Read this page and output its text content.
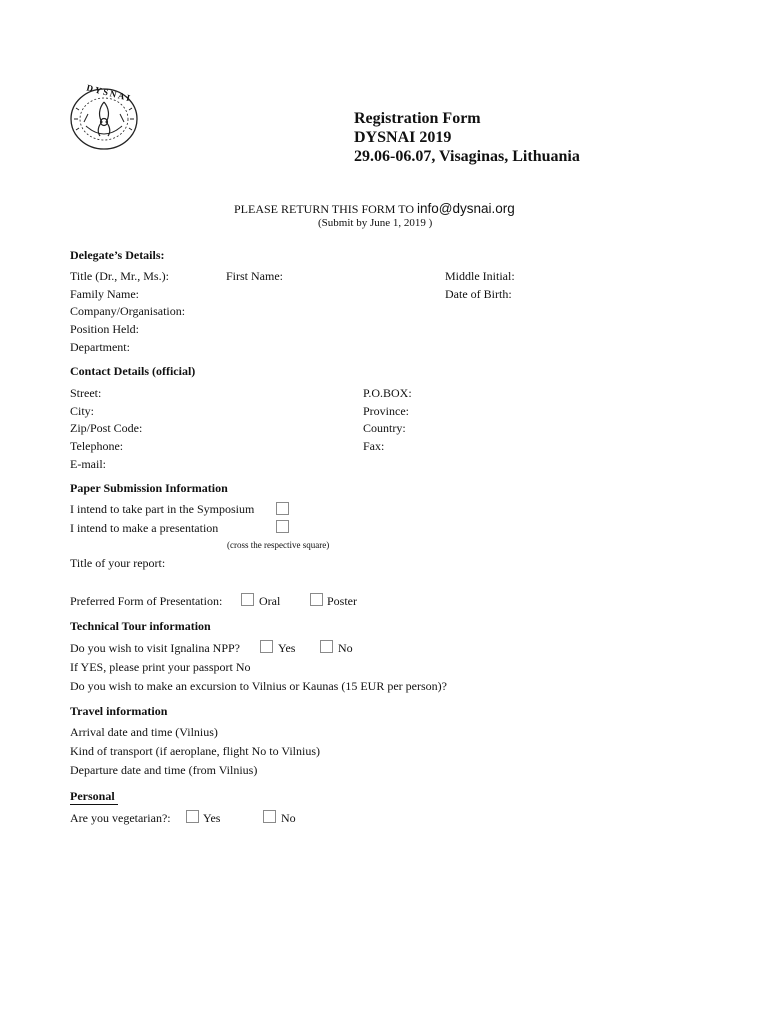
DYSNAI
Registration Form
DYSNAI 2019
29.06-06.07, Visaginas, Lithuania
PLEASE RETURN THIS FORM TO info@dysnai.org
(Submit by June 1, 2019 )
Delegate’s Details:
Title (Dr., Mr., Ms.):	First Name:	Middle Initial:
Family Name:	Date of Birth:
Company/Organisation:
Position Held:
Department:
Contact Details (official)
Street:	P.O.BOX:
City:	Province:
Zip/Post Code:	Country:
Telephone:	Fax:
E-mail:
Paper Submission Information
I intend to take part in the Symposium
I intend to make a presentation
(cross the respective square)
Title of your report:
Preferred Form of Presentation:	Oral	Poster
Technical Tour information
Do you wish to visit Ignalina NPP?	Yes	No
If YES, please print your passport No
Do you wish to make an excursion to Vilnius or Kaunas (15 EUR per person)?
Travel information
Arrival date and time (Vilnius)
Kind of transport (if aeroplane, flight No to Vilnius)
Departure date and time (from Vilnius)
Personal
Are you vegetarian?:	Yes	No
